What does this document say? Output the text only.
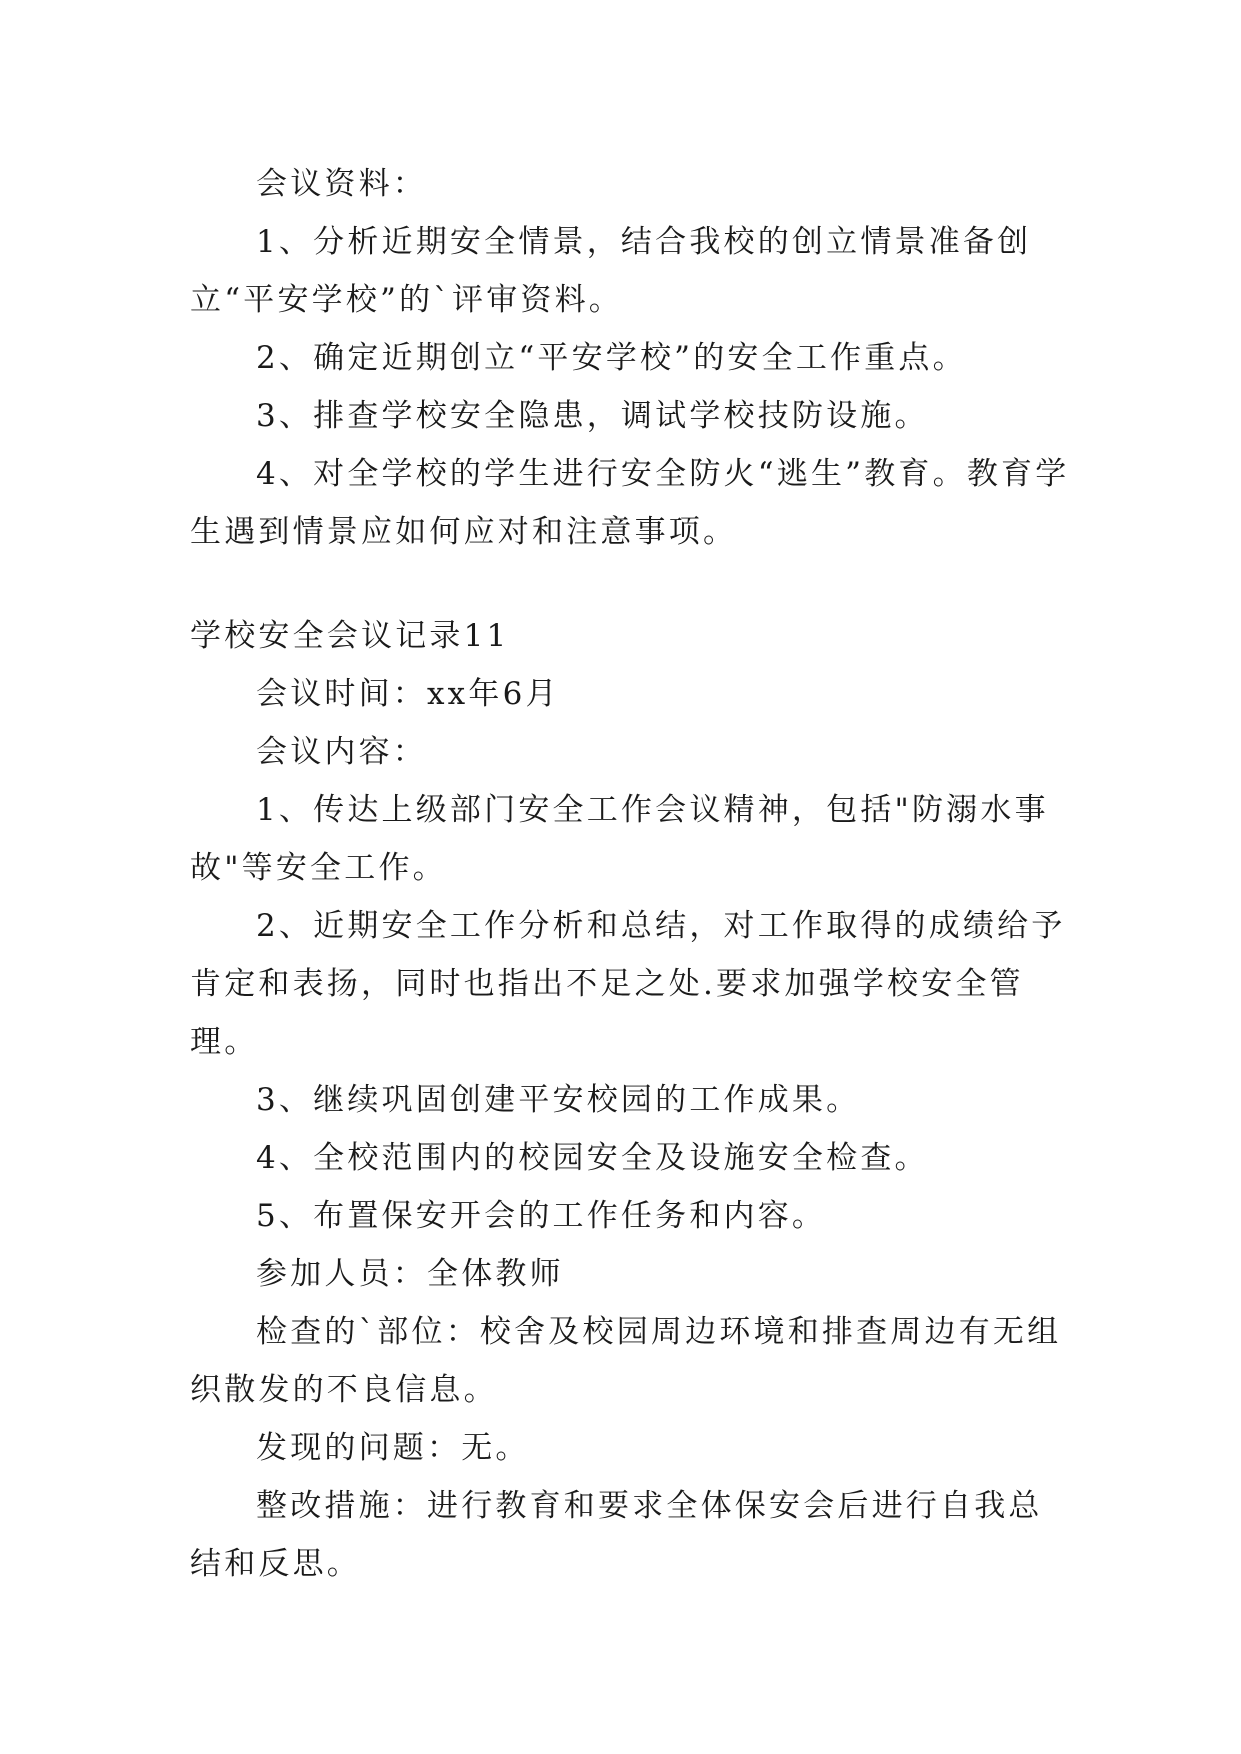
会议资料：

1、分析近期安全情景，结合我校的创立情景准备创立“平安学校”的`评审资料。

2、确定近期创立“平安学校”的安全工作重点。

3、排查学校安全隐患，调试学校技防设施。

4、对全学校的学生进行安全防火“逃生”教育。教育学生遇到情景应如何应对和注意事项。

学校安全会议记录11

会议时间：xx年6月

会议内容：

1、传达上级部门安全工作会议精神，包括"防溺水事故"等安全工作。

2、近期安全工作分析和总结，对工作取得的成绩给予肯定和表扬，同时也指出不足之处.要求加强学校安全管理。

3、继续巩固创建平安校园的工作成果。

4、全校范围内的校园安全及设施安全检查。

5、布置保安开会的工作任务和内容。

参加人员：全体教师

检查的`部位：校舍及校园周边环境和排查周边有无组织散发的不良信息。

发现的问题：无。

整改措施：进行教育和要求全体保安会后进行自我总结和反思。
